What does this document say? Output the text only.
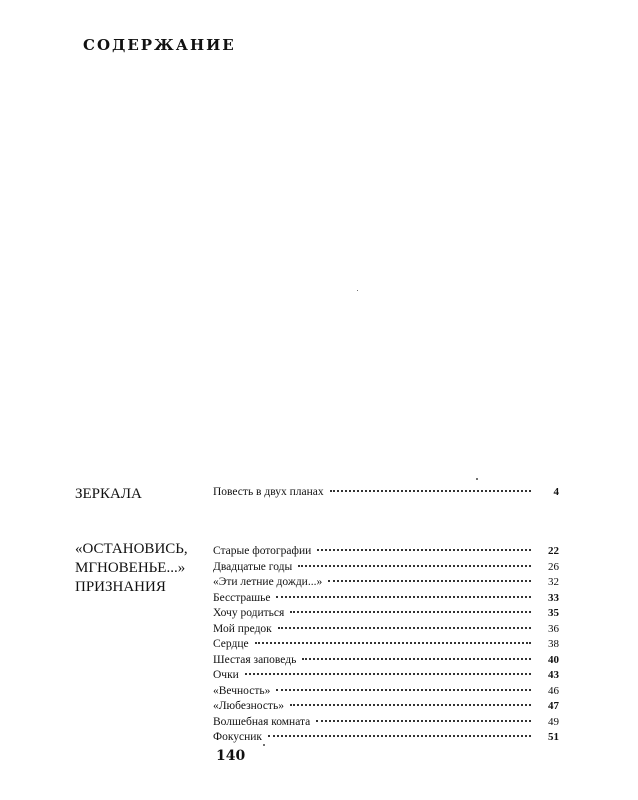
СОДЕРЖАНИЕ
ЗЕРКАЛА	Повесть в двух планах	4
«ОСТАНОВИСЬ,
МГНОВЕНЬЕ...»
ПРИЗНАНИЯ
Старые фотографии	22
Двадцатые годы	26
«Эти летние дожди...»	32
Бесстрашье	33
Хочу родиться	35
Мой предок	36
Сердце	38
Шестая заповедь	40
Очки	43
«Вечность»	46
«Любезность»	47
Волшебная комната	49
Фокусник	51
140
